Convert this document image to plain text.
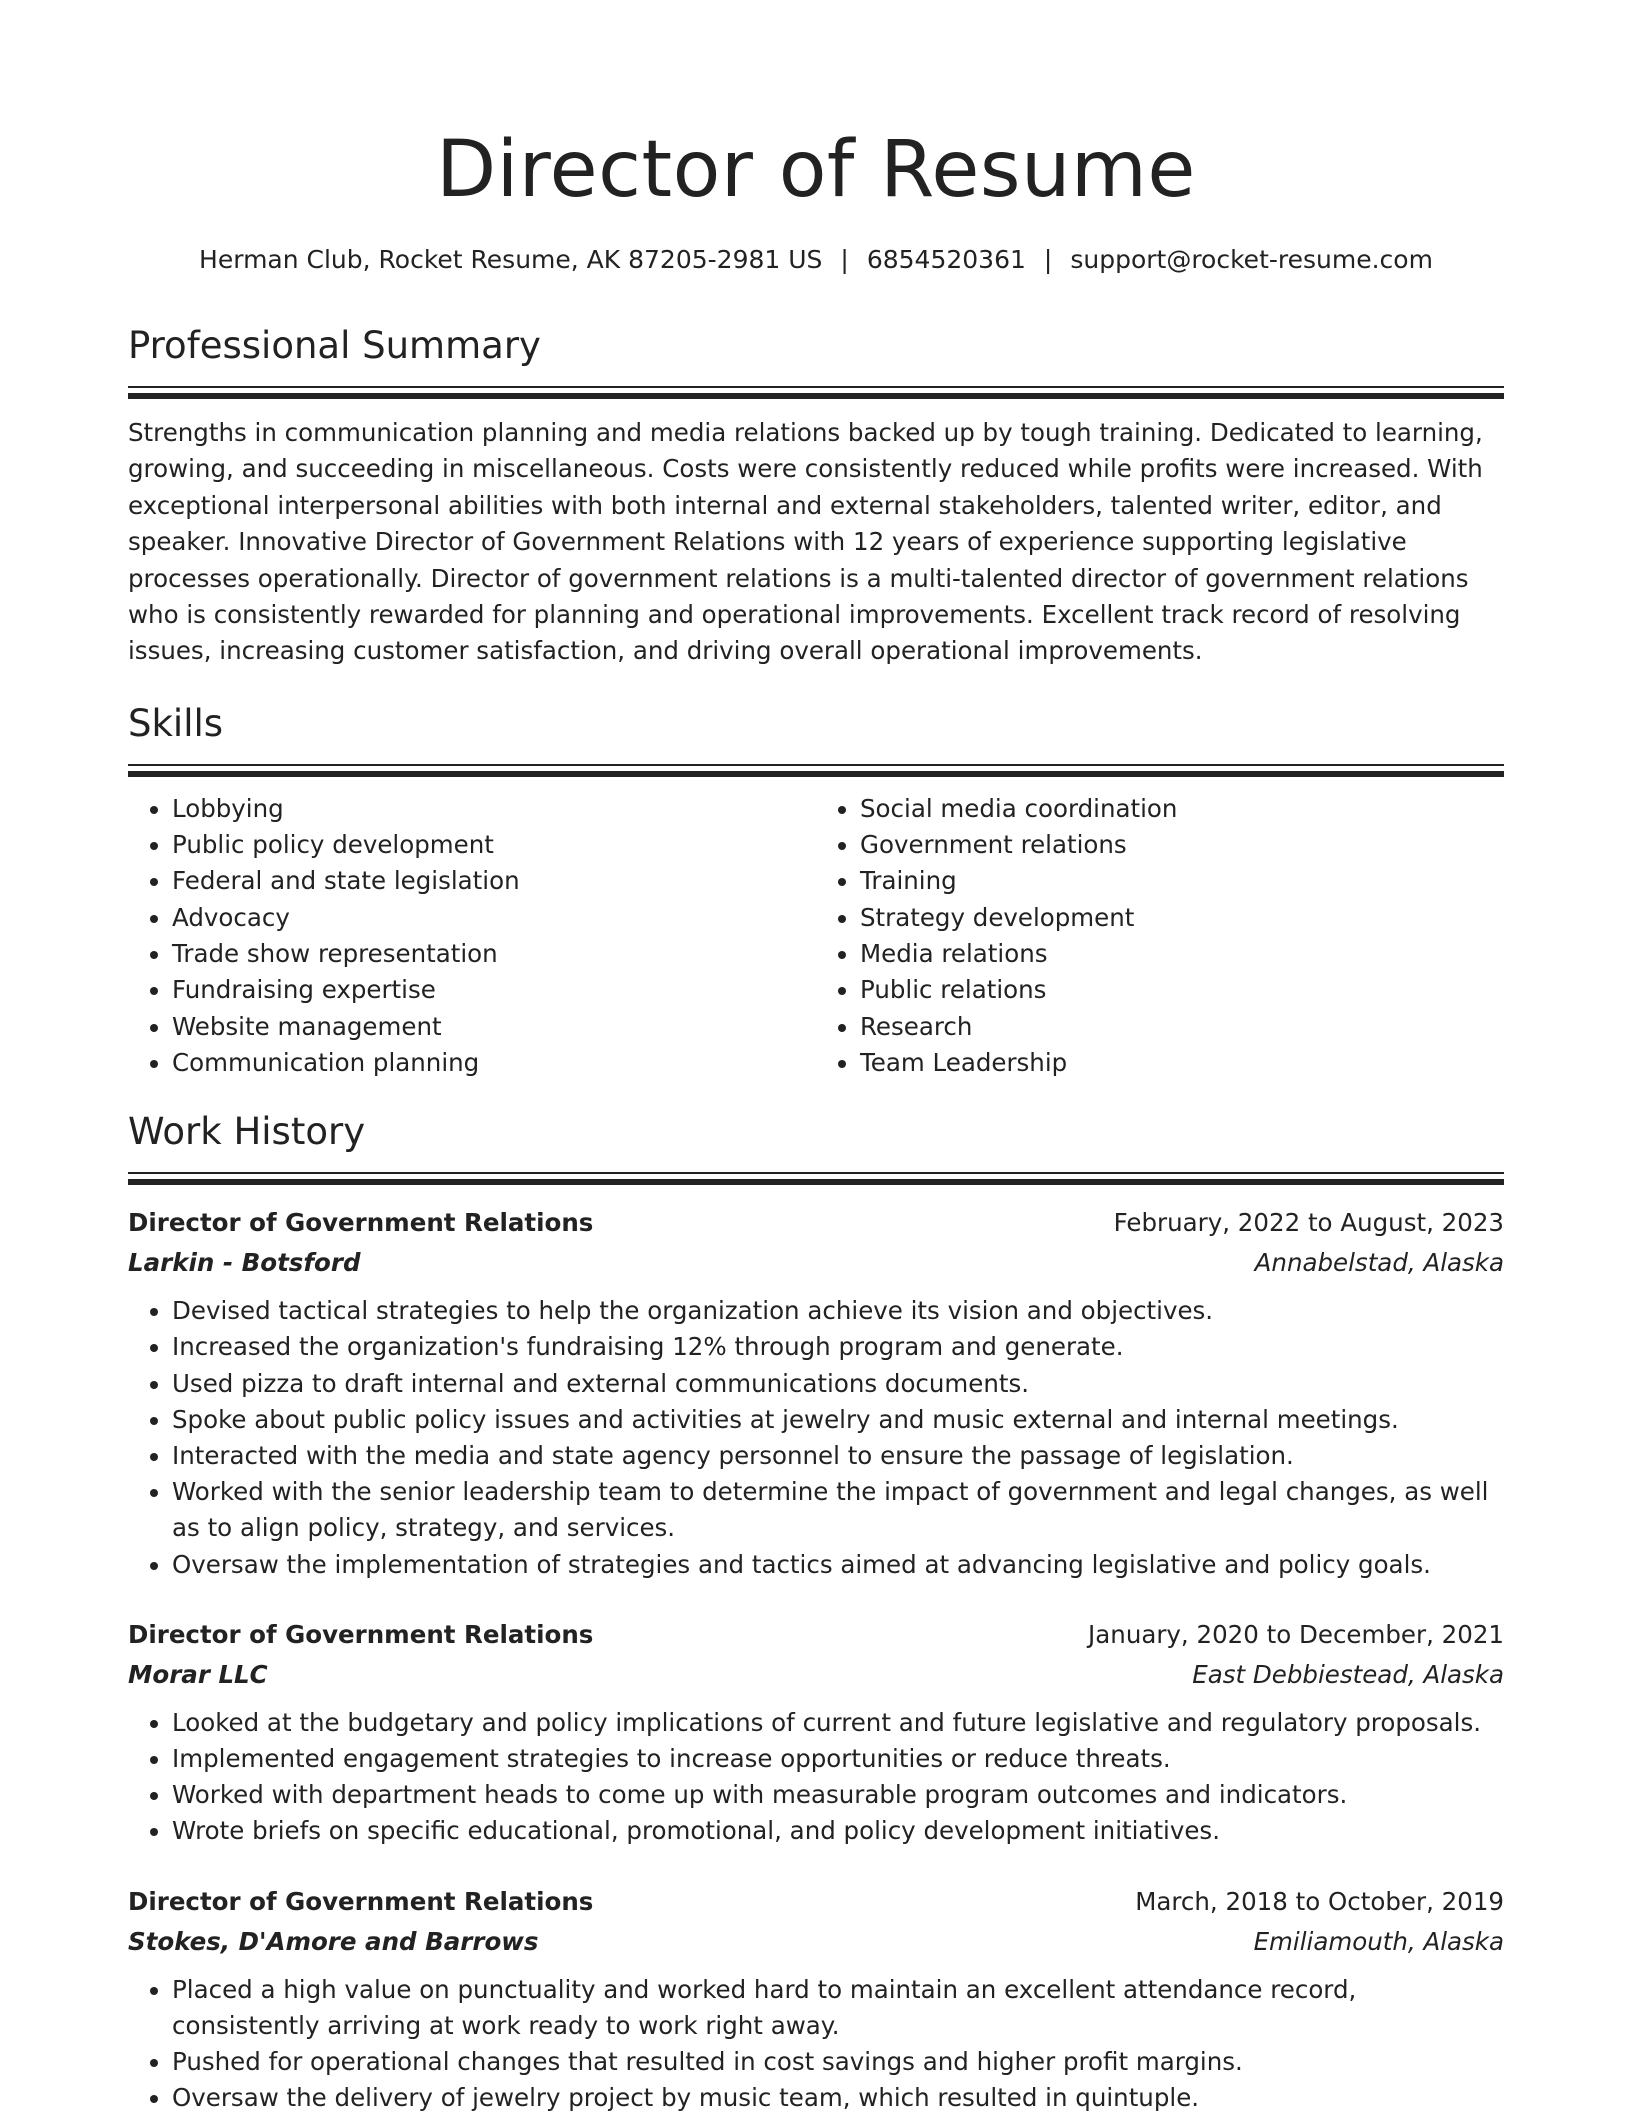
Director of Resume
Herman Club, Rocket Resume, AK 87205-2981 US | 6854520361 | support@rocket-resume.com
Professional Summary

Strengths in communication planning and media relations backed up by tough training. Dedicated to learning, growing, and succeeding in miscellaneous. Costs were consistently reduced while profits were increased. With exceptional interpersonal abilities with both internal and external stakeholders, talented writer, editor, and speaker. Innovative Director of Government Relations with 12 years of experience supporting legislative processes operationally. Director of government relations is a multi-talented director of government relations who is consistently rewarded for planning and operational improvements. Excellent track record of resolving issues, increasing customer satisfaction, and driving overall operational improvements.

Skills
• Lobbying
• Public policy development
• Federal and state legislation
• Advocacy
• Trade show representation
• Fundraising expertise
• Website management
• Communication planning
• Social media coordination
• Government relations
• Training
• Strategy development
• Media relations
• Public relations
• Research
• Team Leadership
Work History
Director of Government Relations	February, 2022 to August, 2023
Larkin - Botsford	Annabelstad, Alaska
• Devised tactical strategies to help the organization achieve its vision and objectives.
• Increased the organization's fundraising 12% through program and generate.
• Used pizza to draft internal and external communications documents.
• Spoke about public policy issues and activities at jewelry and music external and internal meetings.
• Interacted with the media and state agency personnel to ensure the passage of legislation.
• Worked with the senior leadership team to determine the impact of government and legal changes, as well as to align policy, strategy, and services.
• Oversaw the implementation of strategies and tactics aimed at advancing legislative and policy goals.
Director of Government Relations	January, 2020 to December, 2021
Morar LLC	East Debbiestead, Alaska
• Looked at the budgetary and policy implications of current and future legislative and regulatory proposals.
• Implemented engagement strategies to increase opportunities or reduce threats.
• Worked with department heads to come up with measurable program outcomes and indicators.
• Wrote briefs on specific educational, promotional, and policy development initiatives.
Director of Government Relations	March, 2018 to October, 2019
Stokes, D'Amore and Barrows	Emiliamouth, Alaska
• Placed a high value on punctuality and worked hard to maintain an excellent attendance record, consistently arriving at work ready to work right away.
• Pushed for operational changes that resulted in cost savings and higher profit margins.
• Oversaw the delivery of jewelry project by music team, which resulted in quintuple.
